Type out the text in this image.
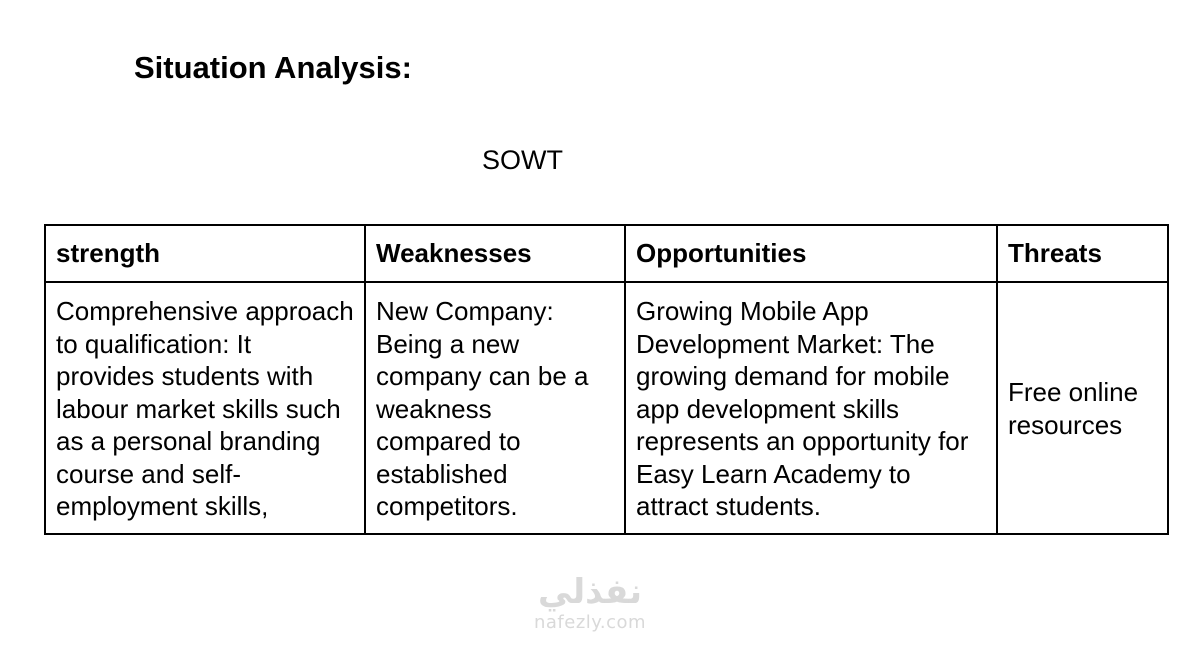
Situation Analysis:
SOWT
strength	Weaknesses	Opportunities	Threats
Comprehensive approach to qualification: It provides students with labour market skills such as a personal branding course and self-employment skills,	New Company: Being a new company can be a weakness compared to established competitors.	Growing Mobile App Development Market: The growing demand for mobile app development skills represents an opportunity for Easy Learn Academy to attract students.	Free online resources
نفذلي
nafezly.com
